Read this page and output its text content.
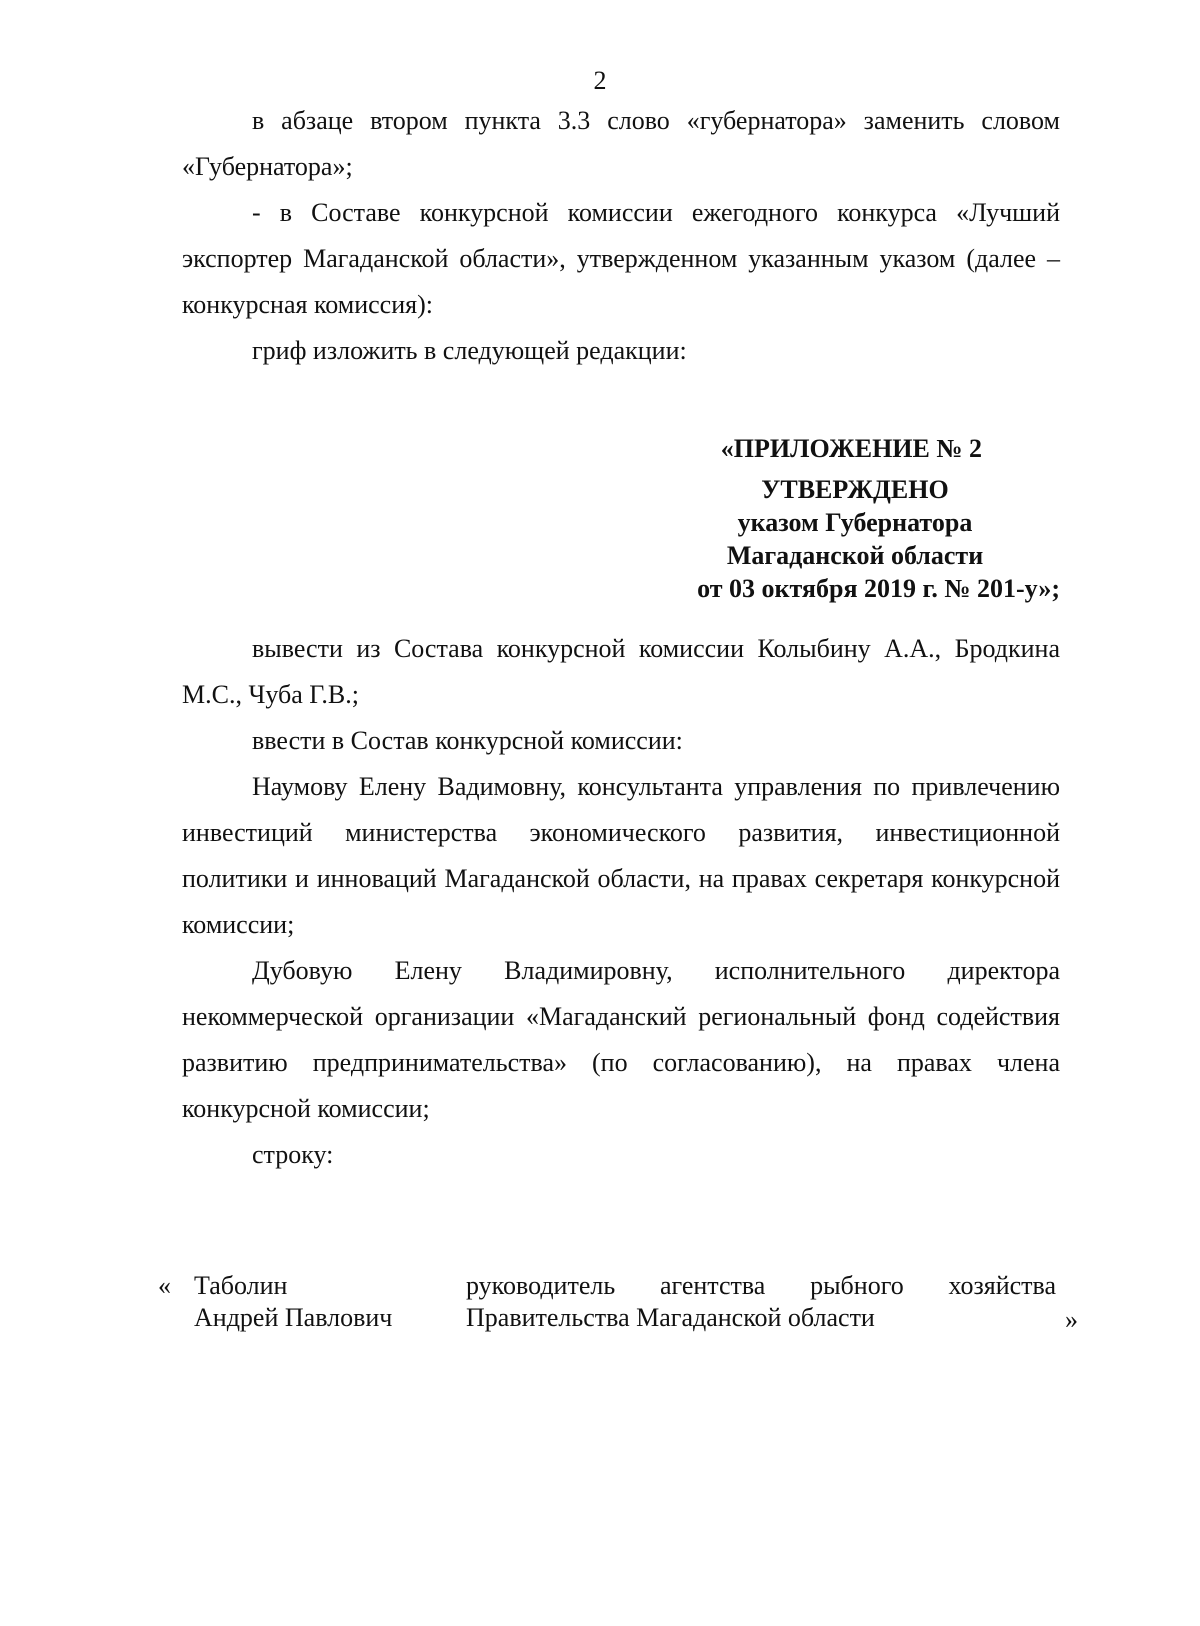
2

в абзаце втором пункта 3.3 слово «губернатора» заменить словом «Губернатора»;

- в Составе конкурсной комиссии ежегодного конкурса «Лучший экспортер Магаданской области», утвержденном указанным указом (далее – конкурсная комиссия):

гриф изложить в следующей редакции:

«ПРИЛОЖЕНИЕ № 2
УТВЕРЖДЕНО
указом Губернатора
Магаданской области
от 03 октября 2019 г. № 201-у»;

вывести из Состава конкурсной комиссии Колыбину А.А., Бродкина М.С., Чуба Г.В.;

ввести в Состав конкурсной комиссии:

Наумову Елену Вадимовну, консультанта управления по привлечению инвестиций министерства экономического развития, инвестиционной политики и инноваций Магаданской области, на правах секретаря конкурсной комиссии;

Дубовую Елену Владимировну, исполнительного директора некоммерческой организации «Магаданский региональный фонд содействия развитию предпринимательства» (по согласованию), на правах члена конкурсной комиссии;

строку:

« Таболин
Андрей Павлович
руководитель агентства рыбного хозяйства
Правительства Магаданской области	»
